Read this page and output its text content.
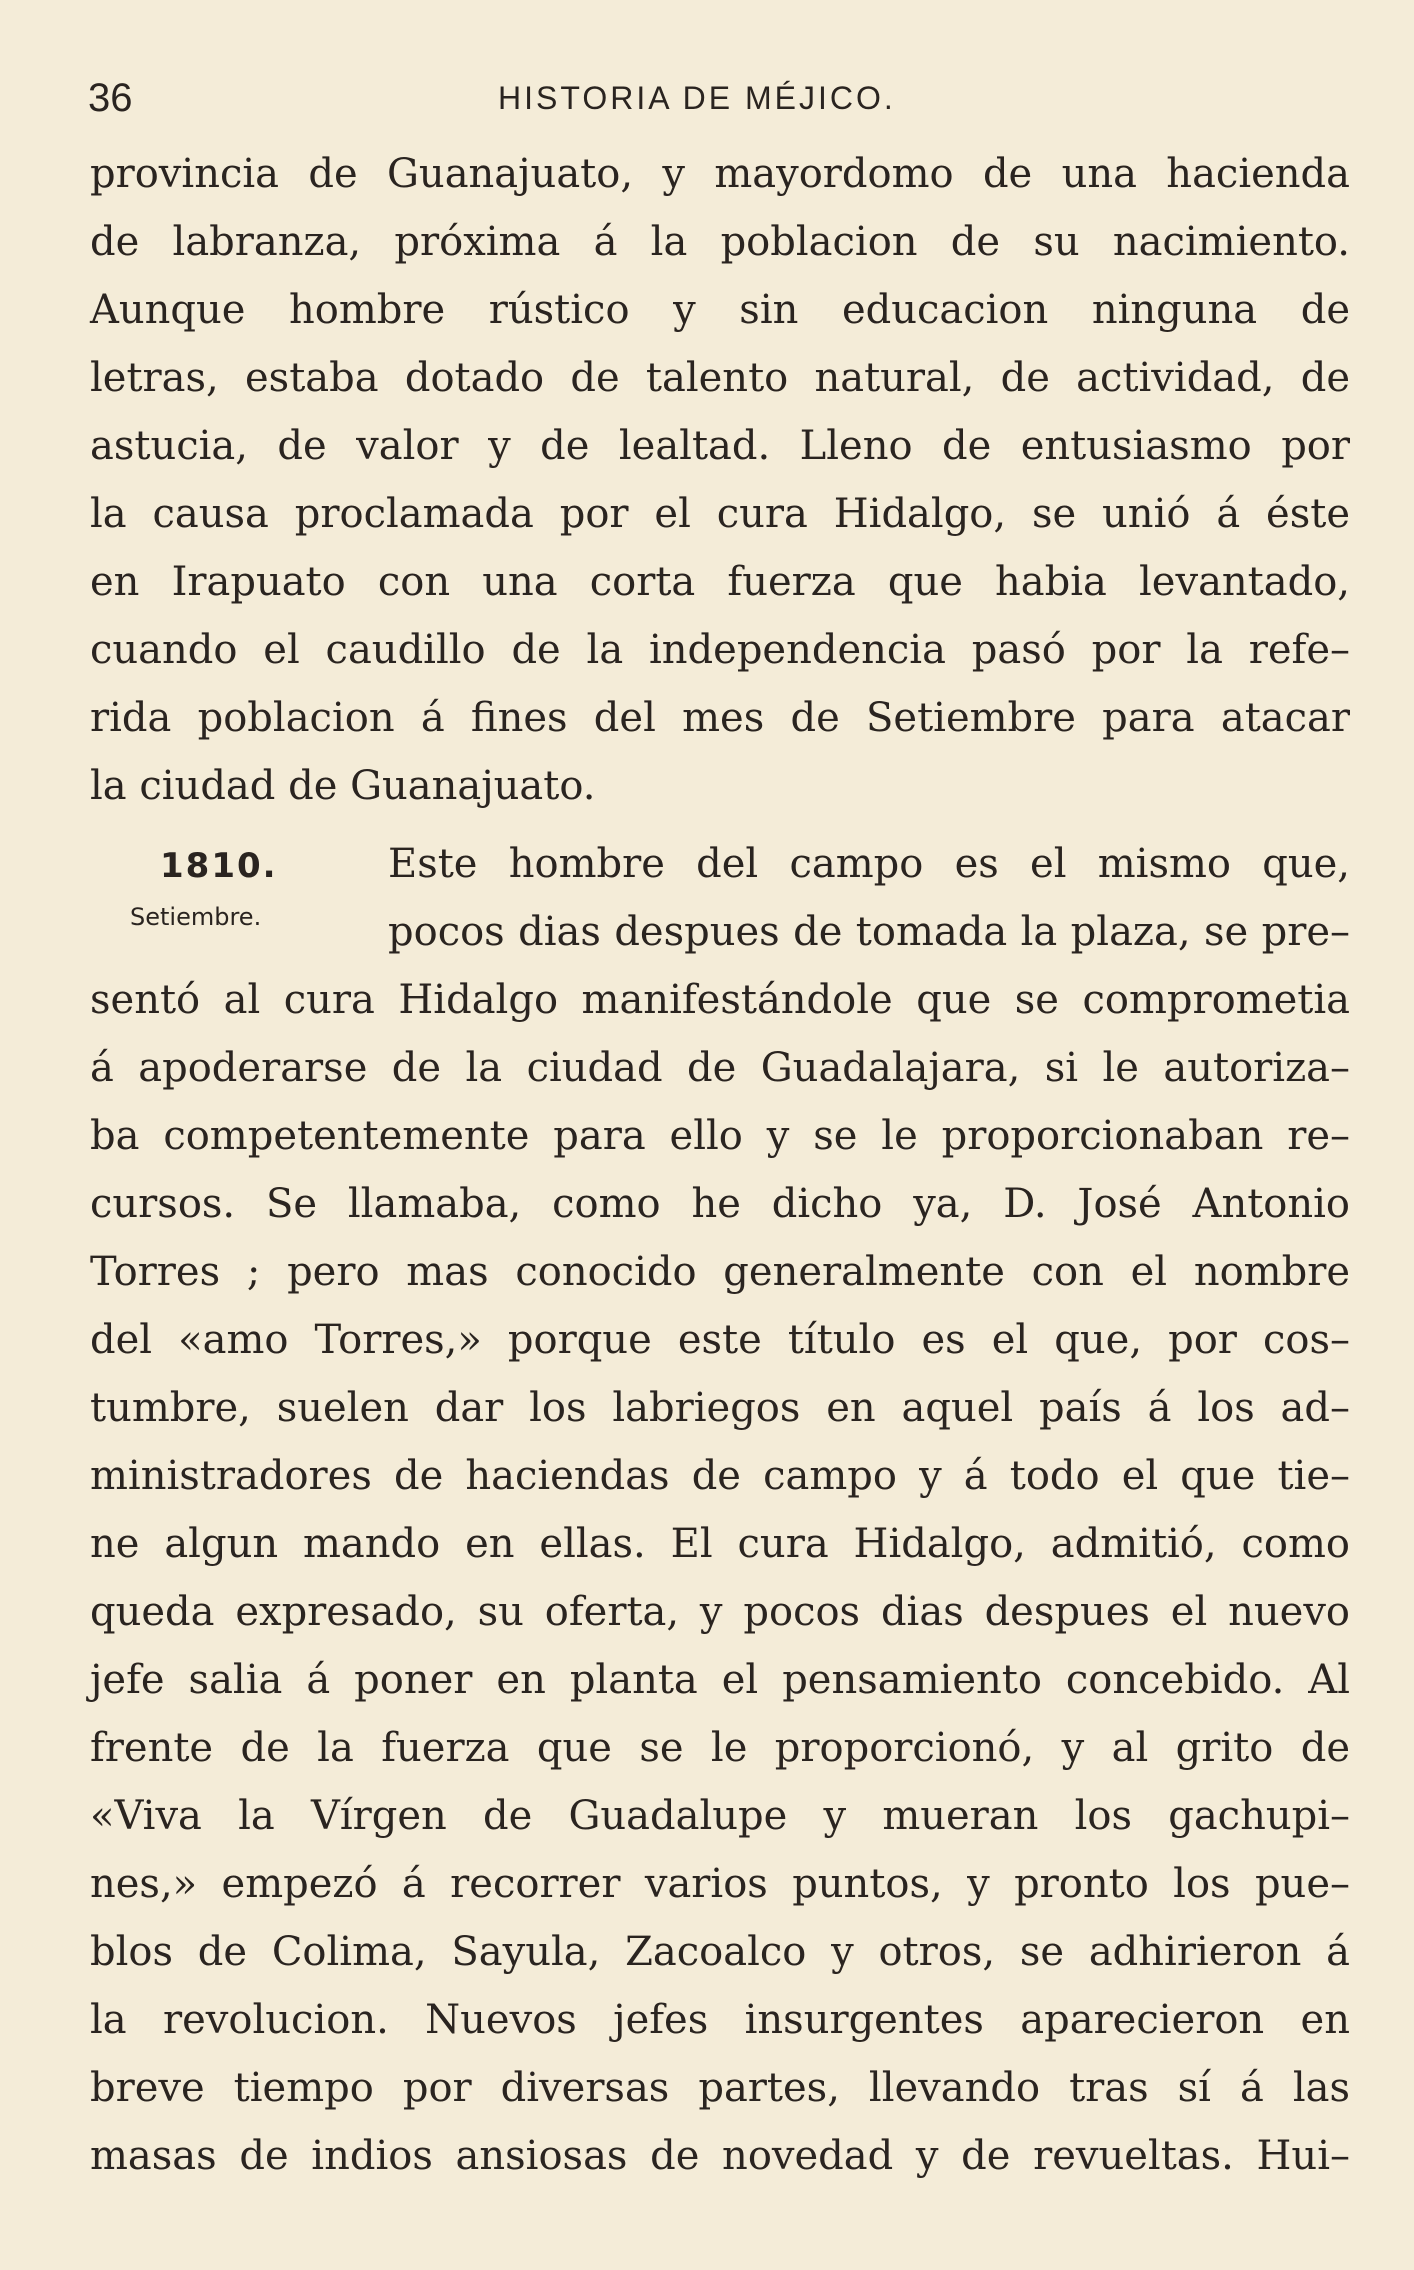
36	HISTORIA DE MÉJICO.
1810.
Setiembre.
provincia de Guanajuato, y mayordomo de una hacienda
de labranza, próxima á la poblacion de su nacimiento.
Aunque hombre rústico y sin educacion ninguna de
letras, estaba dotado de talento natural, de actividad, de
astucia, de valor y de lealtad. Lleno de entusiasmo por
la causa proclamada por el cura Hidalgo, se unió á éste
en Irapuato con una corta fuerza que habia levantado,
cuando el caudillo de la independencia pasó por la refe–
rida poblacion á fines del mes de Setiembre para atacar
la ciudad de Guanajuato.
Este hombre del campo es el mismo que,
pocos dias despues de tomada la plaza, se pre–
sentó al cura Hidalgo manifestándole que se comprometia
á apoderarse de la ciudad de Guadalajara, si le autoriza–
ba competentemente para ello y se le proporcionaban re–
cursos. Se llamaba, como he dicho ya, D. José Antonio
Torres ; pero mas conocido generalmente con el nombre
del «amo Torres,» porque este título es el que, por cos–
tumbre, suelen dar los labriegos en aquel país á los ad–
ministradores de haciendas de campo y á todo el que tie–
ne algun mando en ellas. El cura Hidalgo, admitió, como
queda expresado, su oferta, y pocos dias despues el nuevo
jefe salia á poner en planta el pensamiento concebido. Al
frente de la fuerza que se le proporcionó, y al grito de
«Viva la Vírgen de Guadalupe y mueran los gachupi–
nes,» empezó á recorrer varios puntos, y pronto los pue–
blos de Colima, Sayula, Zacoalco y otros, se adhirieron á
la revolucion. Nuevos jefes insurgentes aparecieron en
breve tiempo por diversas partes, llevando tras sí á las
masas de indios ansiosas de novedad y de revueltas. Hui–
